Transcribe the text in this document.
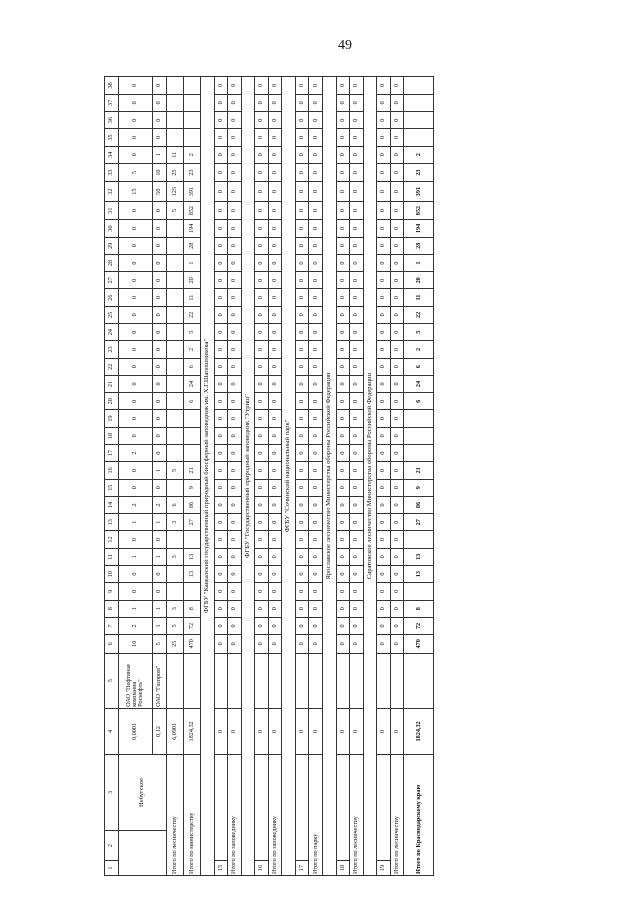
49
1	2	3	4	5	6	7	8	9	10	11	12	13	14	15	16	17	18	19	20	21	22	23	24	25	26	27	28	29	30	31	32	33	34	35	36	37	38
		Небугское	0,0001	ОАО "Нефтяная компания Роснефть"	10	2	1	0	0	1	0	1	2	0	0	2	0	0	0	0	0	0	0	0	0	0	0	0	0	0	15	5	0	0	0	0	0
			0,12	ОАО "Газпром"	5	1	1	0	0	1	0	1	2	0	1	0	0	0	0	0	0	0	0	0	0	0	0	0	0	0	50	10	1	0	0	0	0
Итого по лесничеству			6,0901		25	5	3			3		3	6		5															5	125	25	11				
Итого по министерству			1824,32		470	72	8		13	13		27	86	9	21				6	24	6	2	5	22	11	20	1	28	194	852	391	23	2				
ФГБУ "Кавказский государственный природный биосферный заповедник им. Х.Г.Шапошникова"																																					
15			0		0	0	0	0	0	0	0	0	0	0	0	0	0	0	0	0	0	0	0	0	0	0	0	0	0	0	0	0	0	0	0	0	0
Итого по заповеднику			0		0	0	0	0	0	0	0	0	0	0	0	0	0	0	0	0	0	0	0	0	0	0	0	0	0	0	0	0	0	0	0	0	0
ФГБУ "Государственный природный заповедник "Утриш"																																					
16			0		0	0	0	0	0	0	0	0	0	0	0	0	0	0	0	0	0	0	0	0	0	0	0	0	0	0	0	0	0	0	0	0	0
Итого по заповеднику			0		0	0	0	0	0	0	0	0	0	0	0	0	0	0	0	0	0	0	0	0	0	0	0	0	0	0	0	0	0	0	0	0	0
ФГБУ "Сочинский национальный парк"																																					
17			0		0	0	0	0	0	0	0	0	0	0	0	0	0	0	0	0	0	0	0	0	0	0	0	0	0	0	0	0	0	0	0	0	0
Итого по парку			0		0	0	0	0	0	0	0	0	0	0	0	0	0	0	0	0	0	0	0	0	0	0	0	0	0	0	0	0	0	0	0	0	0
Ярославское лесничество Министерства обороны Российской Федерации																																					
18			0		0	0	0	0	0	0	0	0	0	0	0	0	0	0	0	0	0	0	0	0	0	0	0	0	0	0	0	0	0	0	0	0	0
Итого по лесничеству			0		0	0	0	0	0	0	0	0	0	0	0	0	0	0	0	0	0	0	0	0	0	0	0	0	0	0	0	0	0	0	0	0	0
Саратовское лесничество Министерства обороны Российской Федерации																																					
19			0		0	0	0	0	0	0	0	0	0	0	0	0	0	0	0	0	0	0	0	0	0	0	0	0	0	0	0	0	0	0	0	0	0
Итого по лесничеству			0		0	0	0	0	0	0	0	0	0	0	0	0	0	0	0	0	0	0	0	0	0	0	0	0	0	0	0	0	0	0	0	0	0
Итого по Краснодарскому краю			1824,32		470	72	8		13	13		27	86	9	21				6	24	6	2	5	22	11	20	1	28	194	852	391	23	2				
